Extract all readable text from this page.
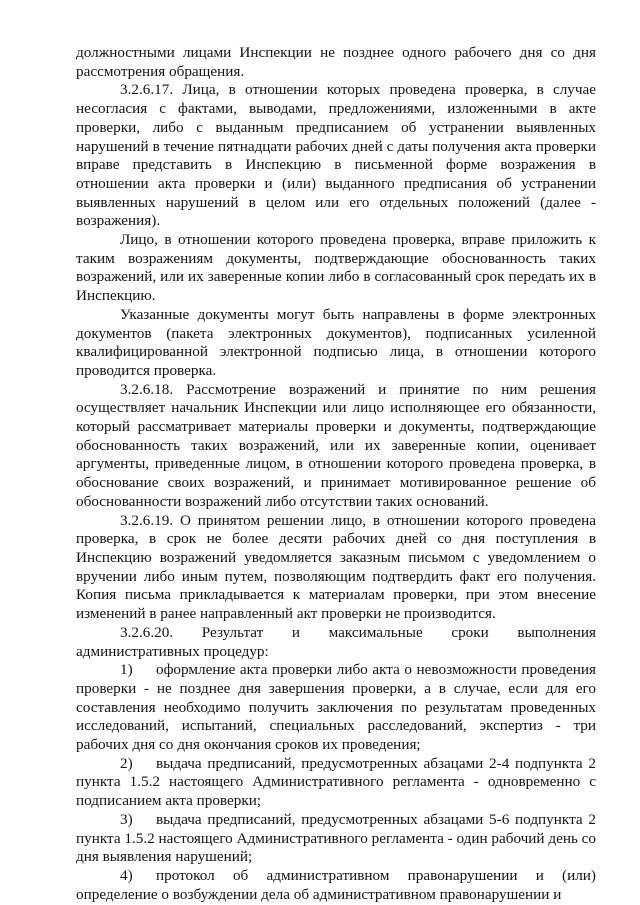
должностными лицами Инспекции не позднее одного рабочего дня со дня рассмотрения обращения.

3.2.6.17. Лица, в отношении которых проведена проверка, в случае несогласия с фактами, выводами, предложениями, изложенными в акте проверки, либо с выданным предписанием об устранении выявленных нарушений в течение пятнадцати рабочих дней с даты получения акта проверки вправе представить в Инспекцию в письменной форме возражения в отношении акта проверки и (или) выданного предписания об устранении выявленных нарушений в целом или его отдельных положений (далее - возражения).

Лицо, в отношении которого проведена проверка, вправе приложить к таким возражениям документы, подтверждающие обоснованность таких возражений, или их заверенные копии либо в согласованный срок передать их в Инспекцию.

Указанные документы могут быть направлены в форме электронных документов (пакета электронных документов), подписанных усиленной квалифицированной электронной подписью лица, в отношении которого проводится проверка.

3.2.6.18. Рассмотрение возражений и принятие по ним решения осуществляет начальник Инспекции или лицо исполняющее его обязанности, который рассматривает материалы проверки и документы, подтверждающие обоснованность таких возражений, или их заверенные копии, оценивает аргументы, приведенные лицом, в отношении которого проведена проверка, в обоснование своих возражений, и принимает мотивированное решение об обоснованности возражений либо отсутствии таких оснований.

3.2.6.19. О принятом решении лицо, в отношении которого проведена проверка, в срок не более десяти рабочих дней со дня поступления в Инспекцию возражений уведомляется заказным письмом с уведомлением о вручении либо иным путем, позволяющим подтвердить факт его получения. Копия письма прикладывается к материалам проверки, при этом внесение изменений в ранее направленный акт проверки не производится.

3.2.6.20. Результат и максимальные сроки выполнения административных процедур:

1) оформление акта проверки либо акта о невозможности проведения проверки - не позднее дня завершения проверки, а в случае, если для его составления необходимо получить заключения по результатам проведенных исследований, испытаний, специальных расследований, экспертиз - три рабочих дня со дня окончания сроков их проведения;

2) выдача предписаний, предусмотренных абзацами 2-4 подпункта 2 пункта 1.5.2 настоящего Административного регламента - одновременно с подписанием акта проверки;

3) выдача предписаний, предусмотренных абзацами 5-6 подпункта 2 пункта 1.5.2 настоящего Административного регламента - один рабочий день со дня выявления нарушений;

4) протокол об административном правонарушении и (или) определение о возбуждении дела об административном правонарушении и
